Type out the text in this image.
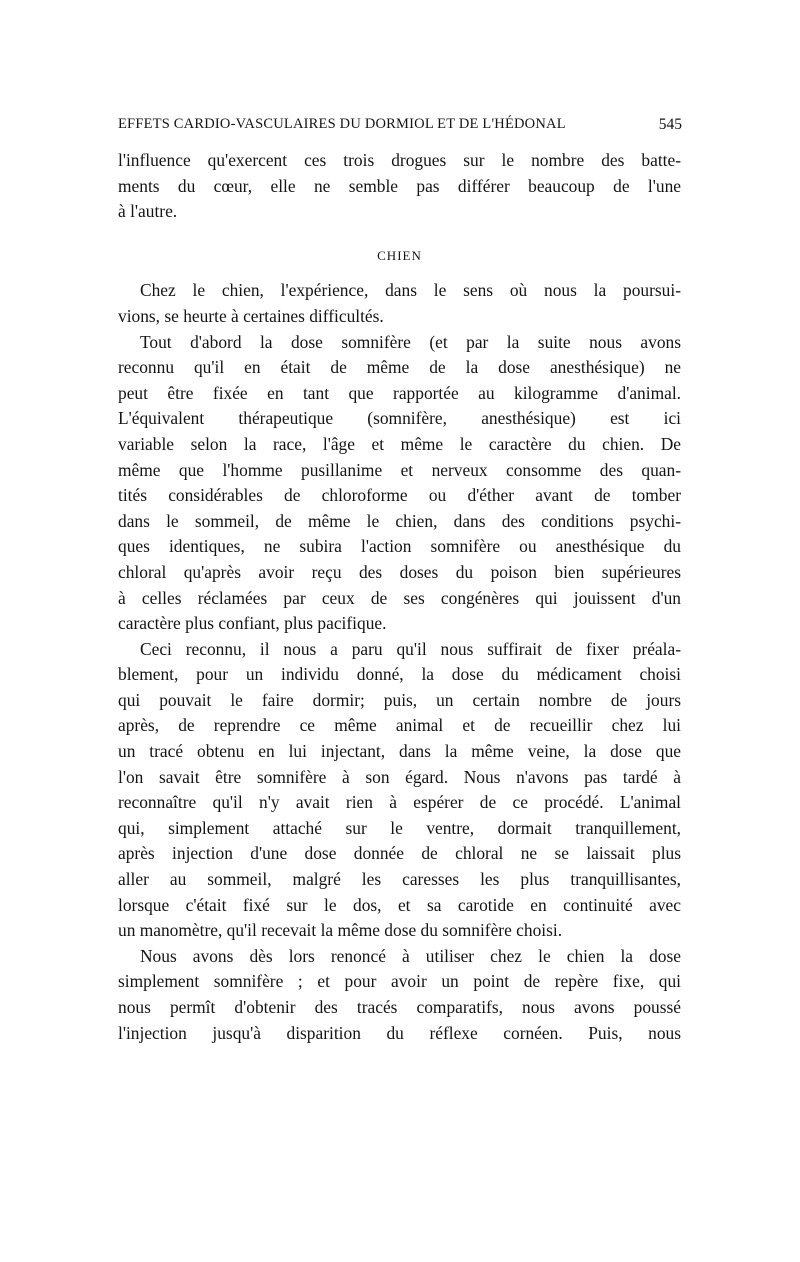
EFFETS CARDIO-VASCULAIRES DU DORMIOL ET DE L'HÉDONAL	545
l'influence qu'exercent ces trois drogues sur le nombre des batte-
ments du cœur, elle ne semble pas différer beaucoup de l'une
à l'autre.
CHIEN
Chez le chien, l'expérience, dans le sens où nous la poursui-
vions, se heurte à certaines difficultés.
Tout d'abord la dose somnifère (et par la suite nous avons
reconnu qu'il en était de même de la dose anesthésique) ne
peut être fixée en tant que rapportée au kilogramme d'animal.
L'équivalent thérapeutique (somnifère, anesthésique) est ici
variable selon la race, l'âge et même le caractère du chien. De
même que l'homme pusillanime et nerveux consomme des quan-
tités considérables de chloroforme ou d'éther avant de tomber
dans le sommeil, de même le chien, dans des conditions psychi-
ques identiques, ne subira l'action somnifère ou anesthésique du
chloral qu'après avoir reçu des doses du poison bien supérieures
à celles réclamées par ceux de ses congénères qui jouissent d'un
caractère plus confiant, plus pacifique.
Ceci reconnu, il nous a paru qu'il nous suffirait de fixer préala-
blement, pour un individu donné, la dose du médicament choisi
qui pouvait le faire dormir; puis, un certain nombre de jours
après, de reprendre ce même animal et de recueillir chez lui
un tracé obtenu en lui injectant, dans la même veine, la dose que
l'on savait être somnifère à son égard. Nous n'avons pas tardé à
reconnaître qu'il n'y avait rien à espérer de ce procédé. L'animal
qui, simplement attaché sur le ventre, dormait tranquillement,
après injection d'une dose donnée de chloral ne se laissait plus
aller au sommeil, malgré les caresses les plus tranquillisantes,
lorsque c'était fixé sur le dos, et sa carotide en continuité avec
un manomètre, qu'il recevait la même dose du somnifère choisi.
Nous avons dès lors renoncé à utiliser chez le chien la dose
simplement somnifère ; et pour avoir un point de repère fixe, qui
nous permît d'obtenir des tracés comparatifs, nous avons poussé
l'injection jusqu'à disparition du réflexe cornéen. Puis, nous
